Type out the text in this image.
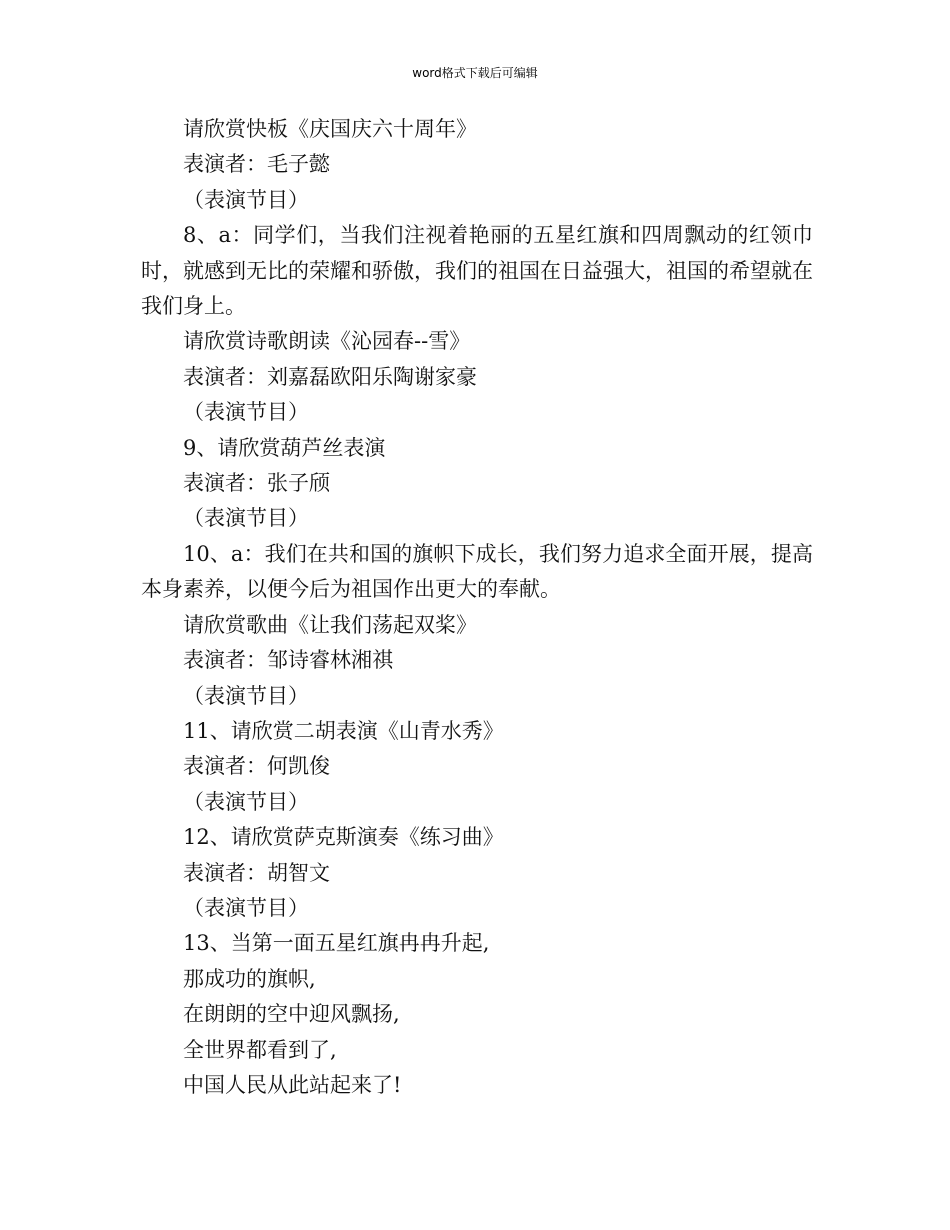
word格式下载后可编辑

请欣赏快板《庆国庆六十周年》

表演者：毛子懿

（表演节目）

8、a：同学们，当我们注视着艳丽的五星红旗和四周飘动的红领巾时，就感到无比的荣耀和骄傲，我们的祖国在日益强大，祖国的希望就在我们身上。

请欣赏诗歌朗读《沁园春--雪》

表演者：刘嘉磊欧阳乐陶谢家豪

（表演节目）

9、请欣赏葫芦丝表演

表演者：张子颀

（表演节目）

10、a：我们在共和国的旗帜下成长，我们努力追求全面开展，提高本身素养，以便今后为祖国作出更大的奉献。

请欣赏歌曲《让我们荡起双桨》

表演者：邹诗睿林湘祺

（表演节目）

11、请欣赏二胡表演《山青水秀》

表演者：何凯俊

（表演节目）

12、请欣赏萨克斯演奏《练习曲》

表演者：胡智文

（表演节目）

13、当第一面五星红旗冉冉升起,

那成功的旗帜,

在朗朗的空中迎风飘扬,

全世界都看到了,

中国人民从此站起来了!
